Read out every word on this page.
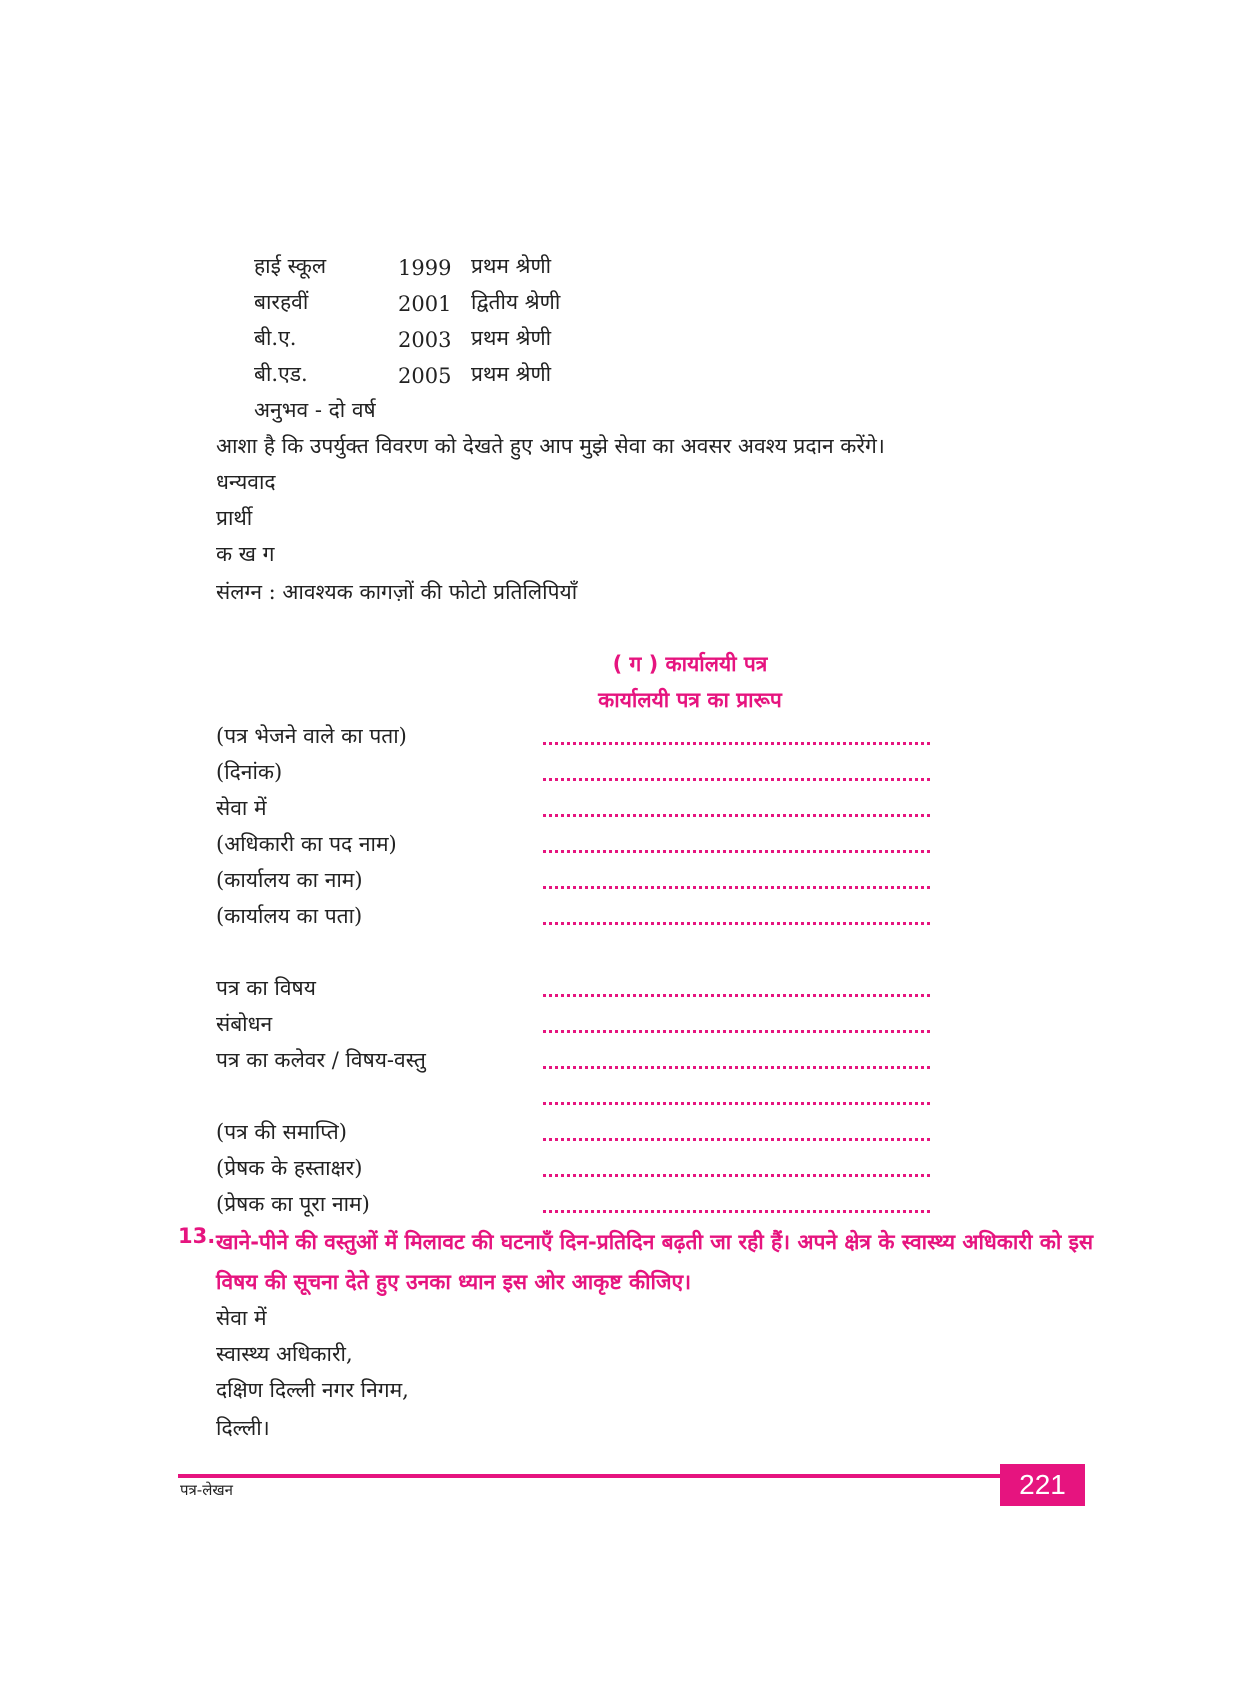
हाई स्कूल	1999 प्रथम श्रेणी
बारहवीं	2001 द्वितीय श्रेणी
बी.ए.	2003 प्रथम श्रेणी
बी.एड.	2005 प्रथम श्रेणी
अनुभव - दो वर्ष
आशा है कि उपर्युक्त विवरण को देखते हुए आप मुझे सेवा का अवसर अवश्य प्रदान करेंगे।
धन्यवाद
प्रार्थी
क ख ग
संलग्न : आवश्यक कागज़ों की फोटो प्रतिलिपियाँ
( ग ) कार्यालयी पत्र
कार्यालयी पत्र का प्रारूप
(पत्र भेजने वाले का पता)
(दिनांक)
सेवा में
(अधिकारी का पद नाम)
(कार्यालय का नाम)
(कार्यालय का पता)
पत्र का विषय
संबोधन
पत्र का कलेवर / विषय-वस्तु
(पत्र की समाप्ति)
(प्रेषक के हस्ताक्षर)
(प्रेषक का पूरा नाम)
13. खाने-पीने की वस्तुओं में मिलावट की घटनाएँ दिन-प्रतिदिन बढ़ती जा रही हैं। अपने क्षेत्र के स्वास्थ्य अधिकारी को इस विषय की सूचना देते हुए उनका ध्यान इस ओर आकृष्ट कीजिए।
सेवा में
स्वास्थ्य अधिकारी,
दक्षिण दिल्ली नगर निगम,
दिल्ली।
पत्र-लेखन	221
